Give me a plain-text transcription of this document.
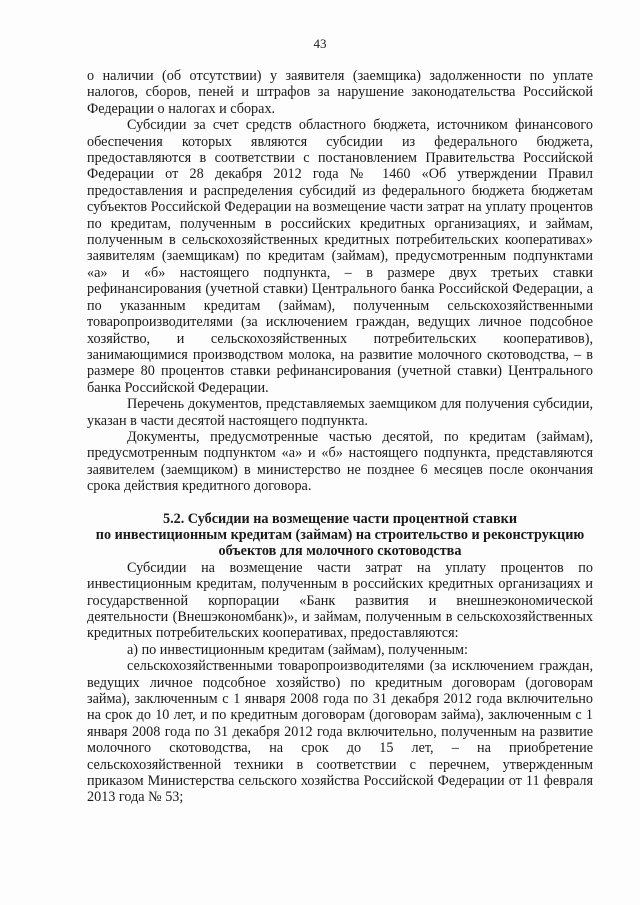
43

о наличии (об отсутствии) у заявителя (заемщика) задолженности по уплате налогов, сборов, пеней и штрафов за нарушение законодательства Российской Федерации о налогах и сборах.

Субсидии за счет средств областного бюджета, источником финансового обеспечения которых являются субсидии из федерального бюджета, предоставляются в соответствии с постановлением Правительства Российской Федерации от 28 декабря 2012 года № 1460 «Об утверждении Правил предоставления и распределения субсидий из федерального бюджета бюджетам субъектов Российской Федерации на возмещение части затрат на уплату процентов по кредитам, полученным в российских кредитных организациях, и займам, полученным в сельскохозяйственных кредитных потребительских кооперативах» заявителям (заемщикам) по кредитам (займам), предусмотренным подпунктами «а» и «б» настоящего подпункта, – в размере двух третьих ставки рефинансирования (учетной ставки) Центрального банка Российской Федерации, а по указанным кредитам (займам), полученным сельскохозяйственными товаропроизводителями (за исключением граждан, ведущих личное подсобное хозяйство, и сельскохозяйственных потребительских кооперативов), занимающимися производством молока, на развитие молочного скотоводства, – в размере 80 процентов ставки рефинансирования (учетной ставки) Центрального банка Российской Федерации.

Перечень документов, представляемых заемщиком для получения субсидии, указан в части десятой настоящего подпункта.

Документы, предусмотренные частью десятой, по кредитам (займам), предусмотренным подпунктом «а» и «б» настоящего подпункта, представляются заявителем (заемщиком) в министерство не позднее 6 месяцев после окончания срока действия кредитного договора.

5.2. Субсидии на возмещение части процентной ставки
по инвестиционным кредитам (займам) на строительство и реконструкцию
объектов для молочного скотоводства

Субсидии на возмещение части затрат на уплату процентов по инвестиционным кредитам, полученным в российских кредитных организациях и государственной корпорации «Банк развития и внешнеэкономической деятельности (Внешэкономбанк)», и займам, полученным в сельскохозяйственных кредитных потребительских кооперативах, предоставляются:

а) по инвестиционным кредитам (займам), полученным:

сельскохозяйственными товаропроизводителями (за исключением граждан, ведущих личное подсобное хозяйство) по кредитным договорам (договорам займа), заключенным с 1 января 2008 года по 31 декабря 2012 года включительно на срок до 10 лет, и по кредитным договорам (договорам займа), заключенным с 1 января 2008 года по 31 декабря 2012 года включительно, полученным на развитие молочного скотоводства, на срок до 15 лет, – на приобретение сельскохозяйственной техники в соответствии с перечнем, утвержденным приказом Министерства сельского хозяйства Российской Федерации от 11 февраля 2013 года № 53;
